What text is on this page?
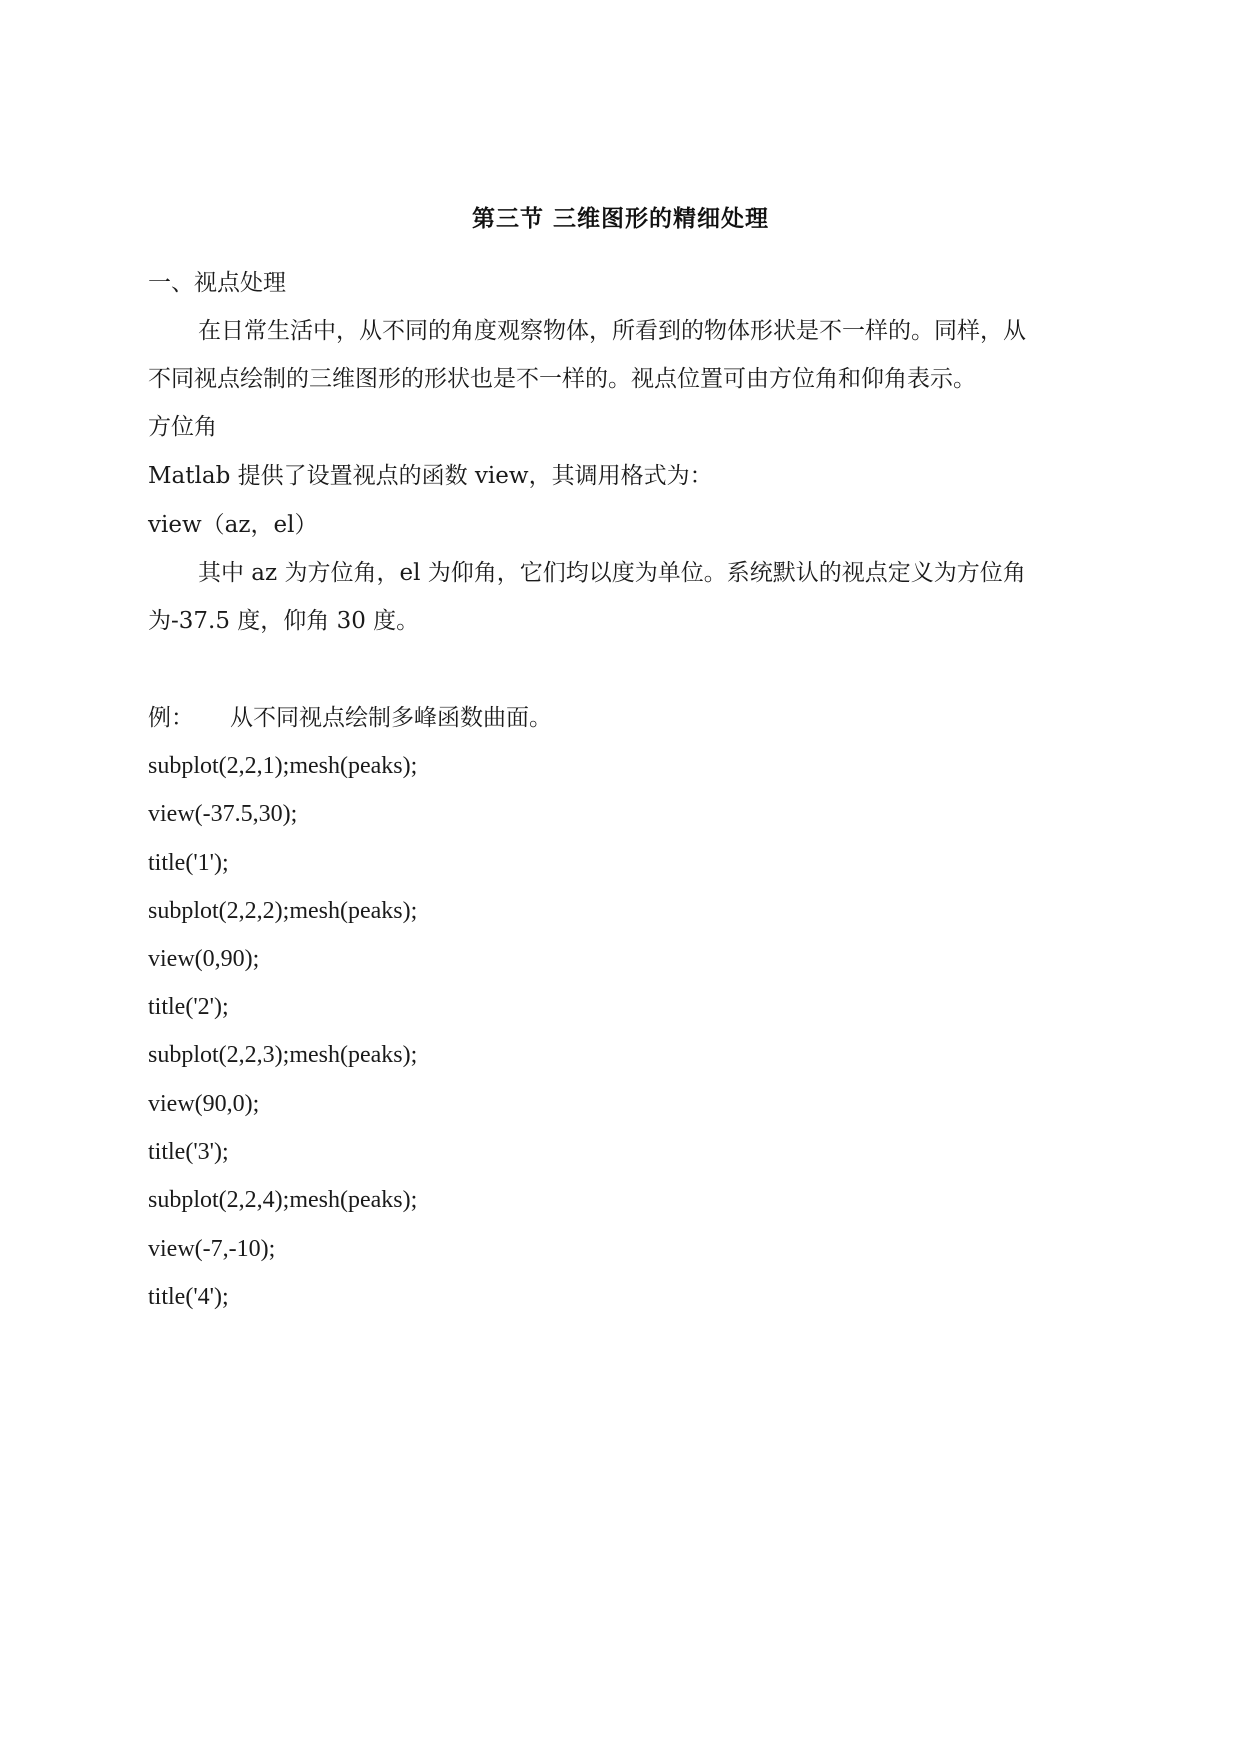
第三节 三维图形的精细处理
一、视点处理
在日常生活中，从不同的角度观察物体，所看到的物体形状是不一样的。同样，从
不同视点绘制的三维图形的形状也是不一样的。视点位置可由方位角和仰角表示。
方位角
Matlab 提供了设置视点的函数 view，其调用格式为：
view（az，el）
其中 az 为方位角，el 为仰角，它们均以度为单位。系统默认的视点定义为方位角
为-37.5 度，仰角 30 度。
例： 从不同视点绘制多峰函数曲面。
subplot(2,2,1);mesh(peaks);
view(-37.5,30);
title('1');
subplot(2,2,2);mesh(peaks);
view(0,90);
title('2');
subplot(2,2,3);mesh(peaks);
view(90,0);
title('3');
subplot(2,2,4);mesh(peaks);
view(-7,-10);
title('4');
